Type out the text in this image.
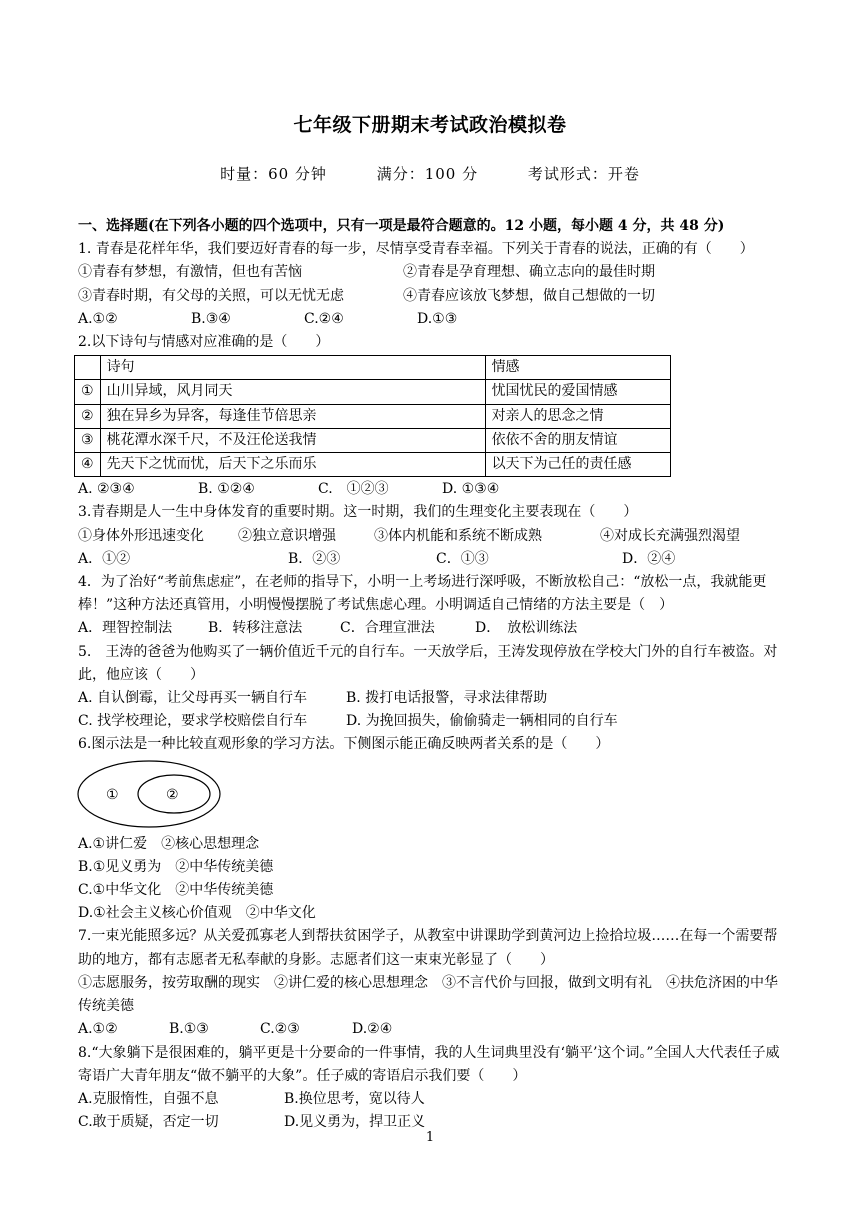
七年级下册期末考试政治模拟卷
时量：60 分钟	满分：100 分	考试形式：开卷
一、选择题(在下列各小题的四个选项中，只有一项是最符合题意的。12 小题，每小题 4 分，共 48 分)
1. 青春是花样年华，我们要迈好青春的每一步，尽情享受青春幸福。下列关于青春的说法，正确的有（　　）
①青春有梦想，有激情，但也有苦恼	②青春是孕育理想、确立志向的最佳时期
③青春时期，有父母的关照，可以无忧无虑	④青春应该放飞梦想，做自己想做的一切
A.①②	B.③④	C.②④	D.①③
2.以下诗句与情感对应准确的是（　　）
	诗句	情感
①	山川异域，风月同天	忧国忧民的爱国情感
②	独在异乡为异客，每逢佳节倍思亲	对亲人的思念之情
③	桃花潭水深千尺，不及汪伦送我情	依依不舍的朋友情谊
④	先天下之忧而忧，后天下之乐而乐	以天下为己任的责任感
A. ②③④	B. ①②④	C.　①②③	D. ①③④
3.青春期是人一生中身体发育的重要时期。这一时期，我们的生理变化主要表现在（　　）
①身体外形迅速变化	②独立意识增强	③体内机能和系统不断成熟	④对成长充满强烈渴望
A．①②	B．②③	C．①③	D．②④
4．为了治好“考前焦虑症”，在老师的指导下，小明一上考场进行深呼吸，不断放松自己：“放松一点，我就能更棒！”这种方法还真管用，小明慢慢摆脱了考试焦虑心理。小明调适自己情绪的方法主要是（　）
A．理智控制法	B．转移注意法	C．合理宣泄法	D．　放松训练法
5.　王涛的爸爸为他购买了一辆价值近千元的自行车。一天放学后，王涛发现停放在学校大门外的自行车被盗。对此，他应该（　　）
A. 自认倒霉，让父母再买一辆自行车	B. 拨打电话报警，寻求法律帮助
C. 找学校理论，要求学校赔偿自行车	D. 为挽回损失，偷偷骑走一辆相同的自行车
6.图示法是一种比较直观形象的学习方法。下侧图示能正确反映两者关系的是（　　）
①	②
A.①讲仁爱　②核心思想理念
B.①见义勇为　②中华传统美德
C.①中华文化　②中华传统美德
D.①社会主义核心价值观　②中华文化
7.一束光能照多远？从关爱孤寡老人到帮扶贫困学子，从教室中讲课助学到黄河边上捡拾垃圾……在每一个需要帮助的地方，都有志愿者无私奉献的身影。志愿者们这一束束光彰显了（　　）
①志愿服务，按劳取酬的现实　②讲仁爱的核心思想理念　③不言代价与回报，做到文明有礼　④扶危济困的中华传统美德
A.①②	B.①③	C.②③	D.②④
8.“大象躺下是很困难的，躺平更是十分要命的一件事情，我的人生词典里没有‘躺平’这个词。”全国人大代表任子威寄语广大青年朋友“做不躺平的大象”。任子威的寄语启示我们要（　　）
A.克服惰性，自强不息	B.换位思考，宽以待人
C.敢于质疑，否定一切	D.见义勇为，捍卫正义
1
